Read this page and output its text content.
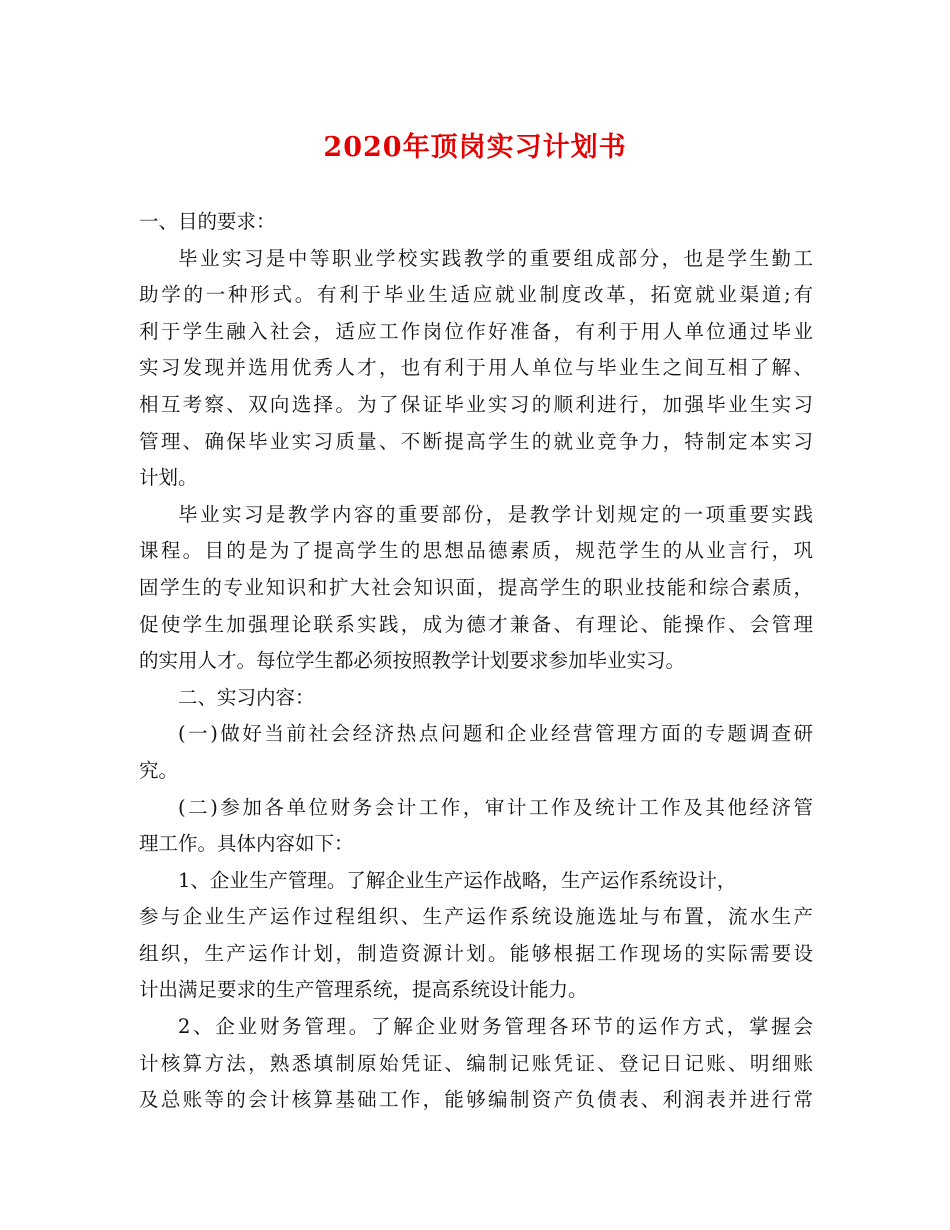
2020年顶岗实习计划书
一、目的要求：
毕业实习是中等职业学校实践教学的重要组成部分，也是学生勤工
助学的一种形式。有利于毕业生适应就业制度改革，拓宽就业渠道;有
利于学生融入社会，适应工作岗位作好准备，有利于用人单位通过毕业
实习发现并选用优秀人才，也有利于用人单位与毕业生之间互相了解、
相互考察、双向选择。为了保证毕业实习的顺利进行，加强毕业生实习
管理、确保毕业实习质量、不断提高学生的就业竞争力，特制定本实习
计划。
毕业实习是教学内容的重要部份，是教学计划规定的一项重要实践
课程。目的是为了提高学生的思想品德素质，规范学生的从业言行，巩
固学生的专业知识和扩大社会知识面，提高学生的职业技能和综合素质，
促使学生加强理论联系实践，成为德才兼备、有理论、能操作、会管理
的实用人才。每位学生都必须按照教学计划要求参加毕业实习。
二、实习内容：
(一)做好当前社会经济热点问题和企业经营管理方面的专题调查研
究。
(二)参加各单位财务会计工作，审计工作及统计工作及其他经济管
理工作。具体内容如下：
1、企业生产管理。了解企业生产运作战略，生产运作系统设计，
参与企业生产运作过程组织、生产运作系统设施选址与布置，流水生产
组织，生产运作计划，制造资源计划。能够根据工作现场的实际需要设
计出满足要求的生产管理系统，提高系统设计能力。
2、企业财务管理。了解企业财务管理各环节的运作方式，掌握会
计核算方法，熟悉填制原始凭证、编制记账凭证、登记日记账、明细账
及总账等的会计核算基础工作，能够编制资产负债表、利润表并进行常
